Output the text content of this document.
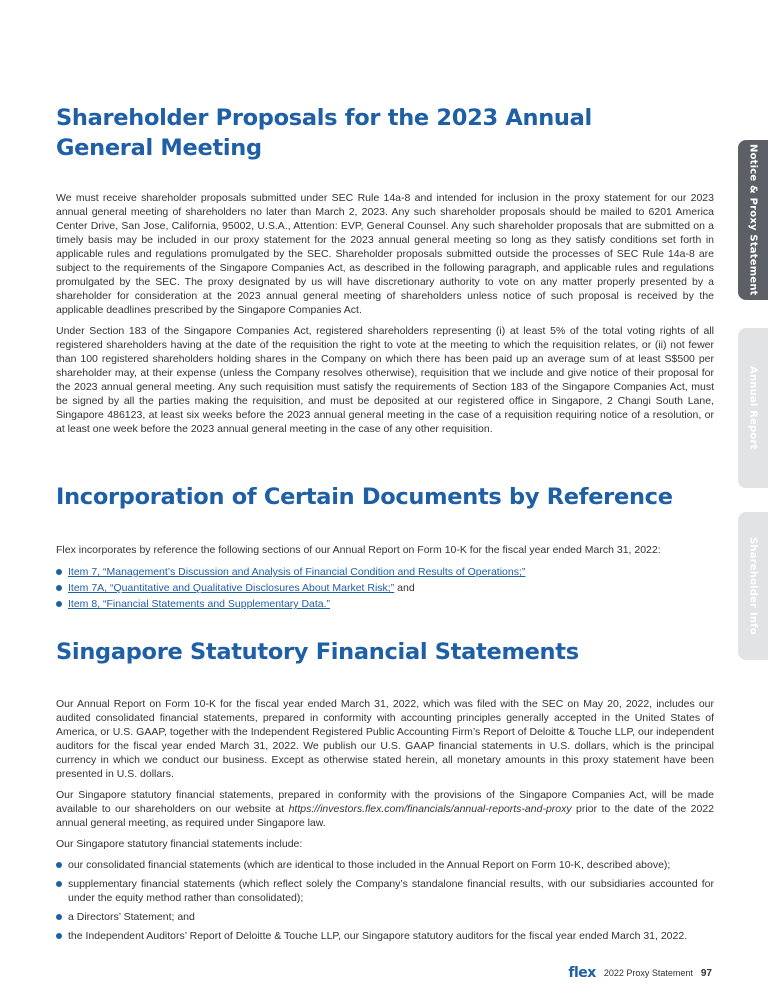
Shareholder Proposals for the 2023 Annual General Meeting

We must receive shareholder proposals submitted under SEC Rule 14a-8 and intended for inclusion in the proxy statement for our 2023 annual general meeting of shareholders no later than March 2, 2023. Any such shareholder proposals should be mailed to 6201 America Center Drive, San Jose, California, 95002, U.S.A., Attention: EVP, General Counsel. Any such shareholder proposals that are submitted on a timely basis may be included in our proxy statement for the 2023 annual general meeting so long as they satisfy conditions set forth in applicable rules and regulations promulgated by the SEC. Shareholder proposals submitted outside the processes of SEC Rule 14a-8 are subject to the requirements of the Singapore Companies Act, as described in the following paragraph, and applicable rules and regulations promulgated by the SEC. The proxy designated by us will have discretionary authority to vote on any matter properly presented by a shareholder for consideration at the 2023 annual general meeting of shareholders unless notice of such proposal is received by the applicable deadlines prescribed by the Singapore Companies Act.

Under Section 183 of the Singapore Companies Act, registered shareholders representing (i) at least 5% of the total voting rights of all registered shareholders having at the date of the requisition the right to vote at the meeting to which the requisition relates, or (ii) not fewer than 100 registered shareholders holding shares in the Company on which there has been paid up an average sum of at least S$500 per shareholder may, at their expense (unless the Company resolves otherwise), requisition that we include and give notice of their proposal for the 2023 annual general meeting. Any such requisition must satisfy the requirements of Section 183 of the Singapore Companies Act, must be signed by all the parties making the requisition, and must be deposited at our registered office in Singapore, 2 Changi South Lane, Singapore 486123, at least six weeks before the 2023 annual general meeting in the case of a requisition requiring notice of a resolution, or at least one week before the 2023 annual general meeting in the case of any other requisition.

Incorporation of Certain Documents by Reference

Flex incorporates by reference the following sections of our Annual Report on Form 10-K for the fiscal year ended March 31, 2022:

Item 7, “Management’s Discussion and Analysis of Financial Condition and Results of Operations;”
Item 7A, “Quantitative and Qualitative Disclosures About Market Risk;” and
Item 8, “Financial Statements and Supplementary Data.”
Singapore Statutory Financial Statements

Our Annual Report on Form 10-K for the fiscal year ended March 31, 2022, which was filed with the SEC on May 20, 2022, includes our audited consolidated financial statements, prepared in conformity with accounting principles generally accepted in the United States of America, or U.S. GAAP, together with the Independent Registered Public Accounting Firm’s Report of Deloitte & Touche LLP, our independent auditors for the fiscal year ended March 31, 2022. We publish our U.S. GAAP financial statements in U.S. dollars, which is the principal currency in which we conduct our business. Except as otherwise stated herein, all monetary amounts in this proxy statement have been presented in U.S. dollars.

Our Singapore statutory financial statements, prepared in conformity with the provisions of the Singapore Companies Act, will be made available to our shareholders on our website at https://investors.flex.com/financials/annual-reports-and-proxy prior to the date of the 2022 annual general meeting, as required under Singapore law.

Our Singapore statutory financial statements include:

our consolidated financial statements (which are identical to those included in the Annual Report on Form 10-K, described above);
supplementary financial statements (which reflect solely the Company’s standalone financial results, with our subsidiaries accounted for under the equity method rather than consolidated);
a Directors’ Statement; and
the Independent Auditors’ Report of Deloitte & Touche LLP, our Singapore statutory auditors for the fiscal year ended March 31, 2022.
Notice & Proxy Statement
Annual Report
Shareholder Info
flex 2022 Proxy Statement 97
